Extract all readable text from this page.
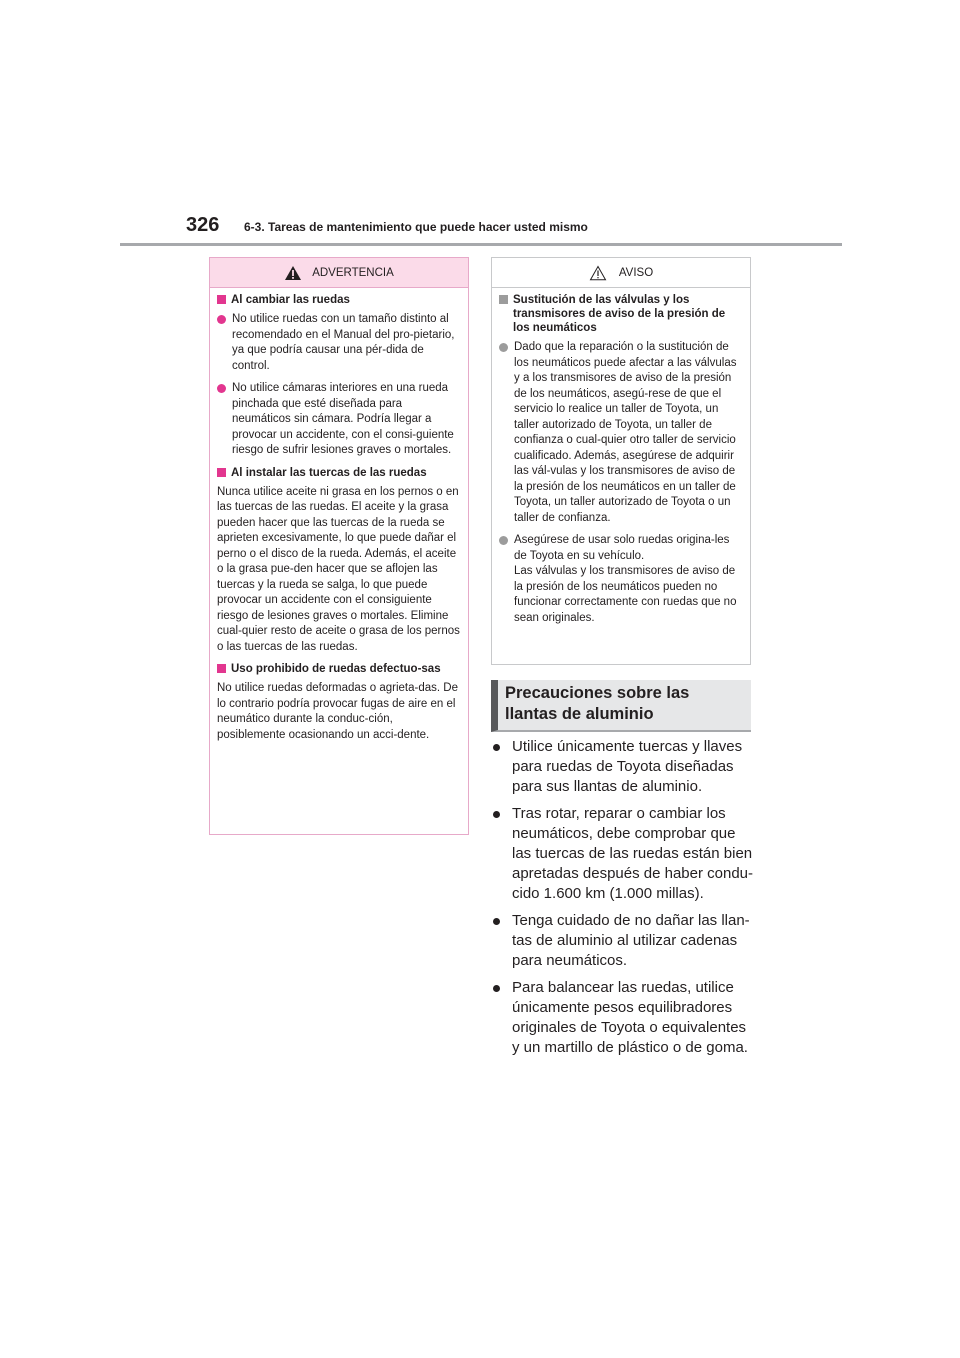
326 6-3. Tareas de mantenimiento que puede hacer usted mismo
ADVERTENCIA
Al cambiar las ruedas
No utilice ruedas con un tamaño distinto al recomendado en el Manual del pro-pietario, ya que podría causar una pér-dida de control.
No utilice cámaras interiores en una rueda pinchada que esté diseñada para neumáticos sin cámara. Podría llegar a provocar un accidente, con el consi-guiente riesgo de sufrir lesiones graves o mortales.
Al instalar las tuercas de las ruedas
Nunca utilice aceite ni grasa en los pernos o en las tuercas de las ruedas. El aceite y la grasa pueden hacer que las tuercas de la rueda se aprieten excesivamente, lo que puede dañar el perno o el disco de la rueda. Además, el aceite o la grasa pue-den hacer que se aflojen las tuercas y la rueda se salga, lo que puede provocar un accidente con el consiguiente riesgo de lesiones graves o mortales. Elimine cual-quier resto de aceite o grasa de los pernos o las tuercas de las ruedas.
Uso prohibido de ruedas defectuo-sas
No utilice ruedas deformadas o agrieta-das. De lo contrario podría provocar fugas de aire en el neumático durante la conduc-ción, posiblemente ocasionando un acci-dente.
AVISO
Sustitución de las válvulas y los transmisores de aviso de la presión de los neumáticos
Dado que la reparación o la sustitución de los neumáticos puede afectar a las válvulas y a los transmisores de aviso de la presión de los neumáticos, asegú-rese de que el servicio lo realice un taller de Toyota, un taller autorizado de Toyota, un taller de confianza o cual-quier otro taller de servicio cualificado. Además, asegúrese de adquirir las vál-vulas y los transmisores de aviso de la presión de los neumáticos en un taller de Toyota, un taller autorizado de Toyota o un taller de confianza.
Asegúrese de usar solo ruedas origina-les de Toyota en su vehículo.
Las válvulas y los transmisores de aviso de la presión de los neumáticos pueden no funcionar correctamente con ruedas que no sean originales.
Precauciones sobre las llantas de aluminio
Utilice únicamente tuercas y llaves para ruedas de Toyota diseñadas para sus llantas de aluminio.
Tras rotar, reparar o cambiar los neumáticos, debe comprobar que las tuercas de las ruedas están bien apretadas después de haber condu-cido 1.600 km (1.000 millas).
Tenga cuidado de no dañar las llan-tas de aluminio al utilizar cadenas para neumáticos.
Para balancear las ruedas, utilice únicamente pesos equilibradores originales de Toyota o equivalentes y un martillo de plástico o de goma.
